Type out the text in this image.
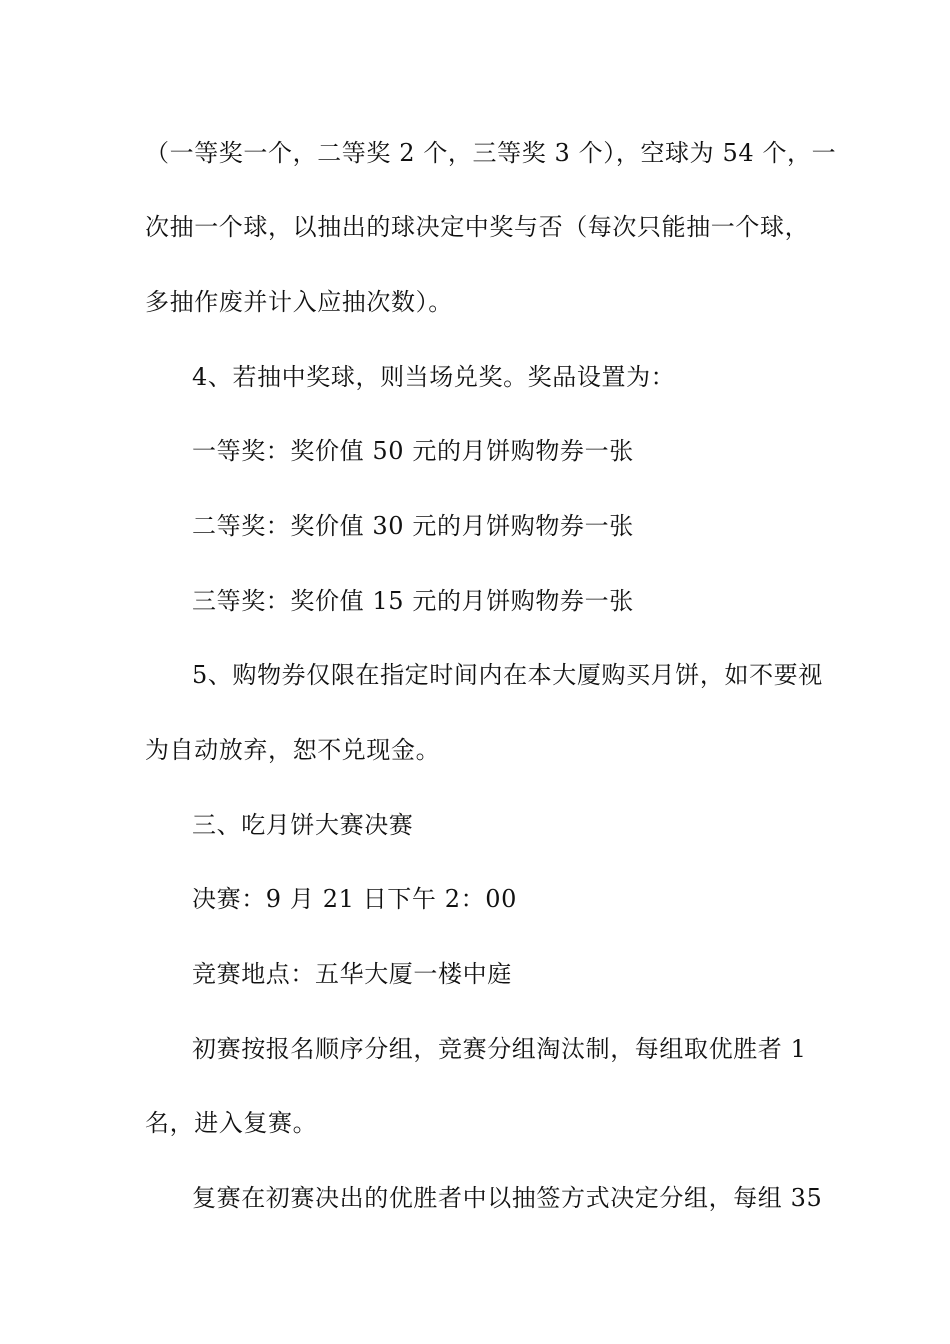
（一等奖一个，二等奖 2 个，三等奖 3 个），空球为 54 个，一
次抽一个球，以抽出的球决定中奖与否（每次只能抽一个球，
多抽作废并计入应抽次数）。
4、若抽中奖球，则当场兑奖。奖品设置为：
一等奖：奖价值 50 元的月饼购物券一张
二等奖：奖价值 30 元的月饼购物券一张
三等奖：奖价值 15 元的月饼购物券一张
5、购物券仅限在指定时间内在本大厦购买月饼，如不要视
为自动放弃，恕不兑现金。
三、吃月饼大赛决赛
决赛：9 月 21 日下午 2：00
竞赛地点：五华大厦一楼中庭
初赛按报名顺序分组，竞赛分组淘汰制，每组取优胜者 1
名，进入复赛。
复赛在初赛决出的优胜者中以抽签方式决定分组，每组 35
